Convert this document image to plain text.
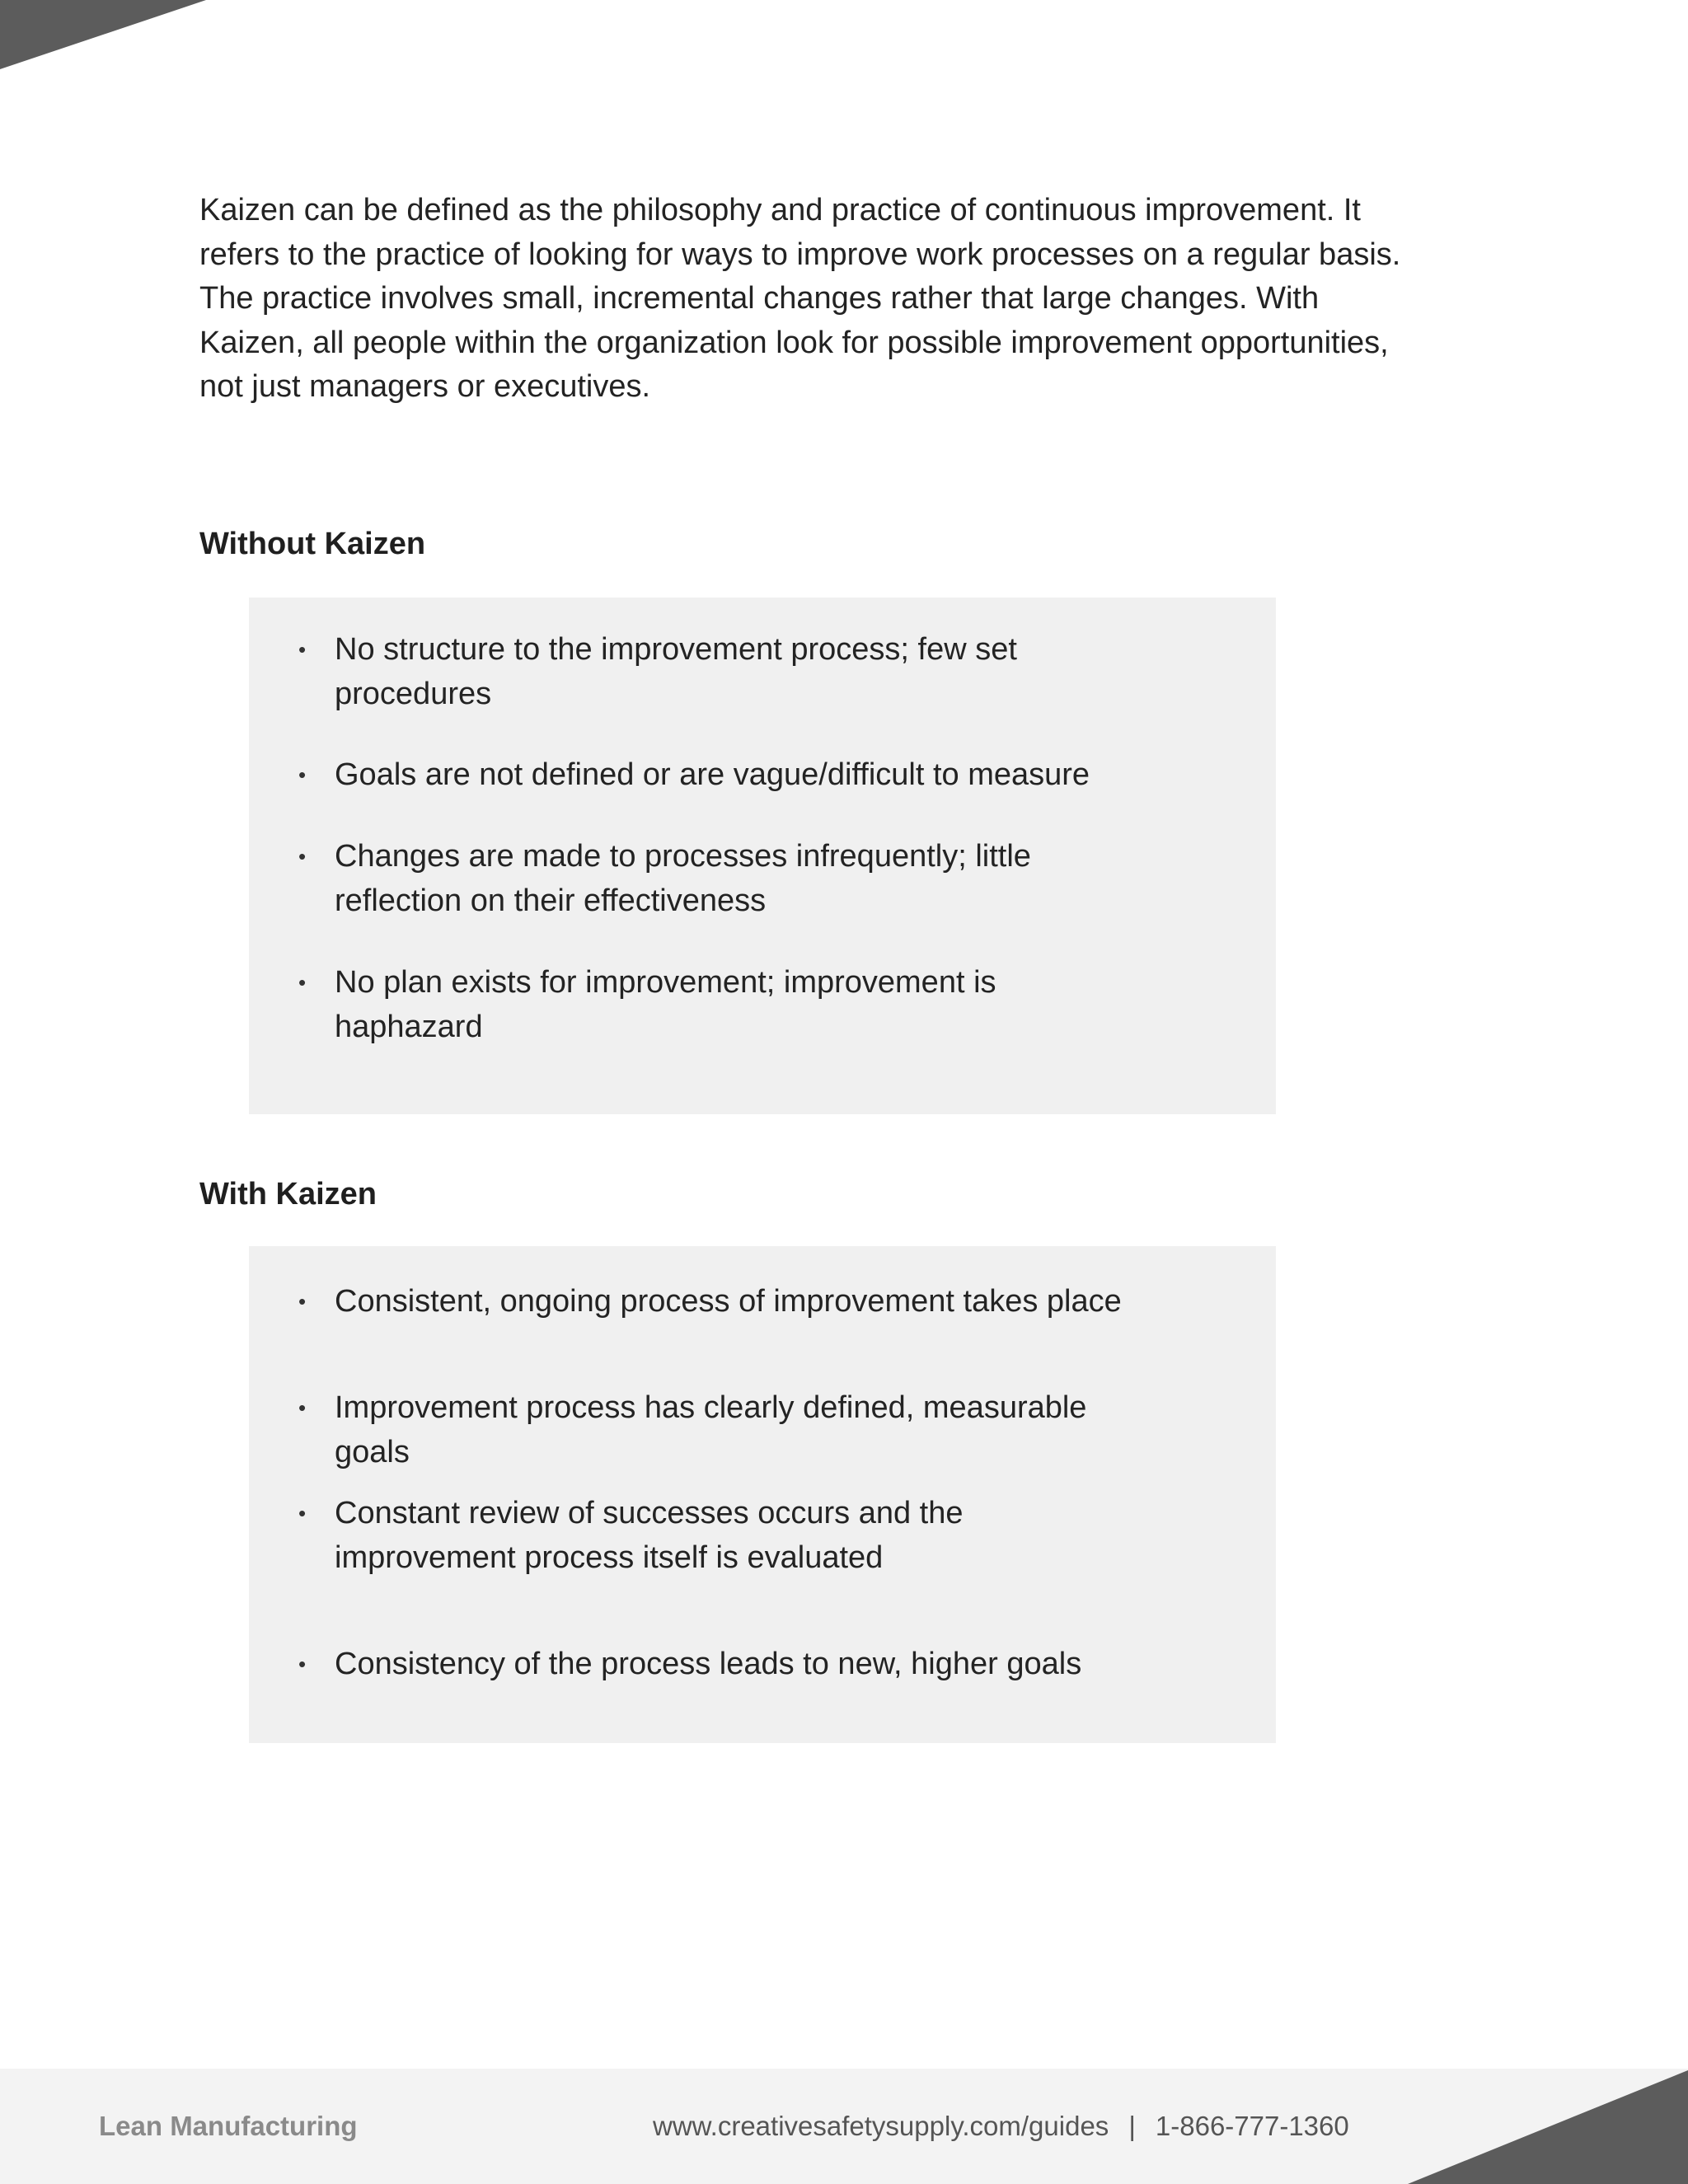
Kaizen can be defined as the philosophy and practice of continuous improvement. It refers to the practice of looking for ways to improve work processes on a regular basis. The practice involves small, incremental changes rather that large changes. With Kaizen, all people within the organization look for possible improvement opportunities, not just managers or executives.

Without Kaizen
• No structure to the improvement process; few set procedures
• Goals are not defined or are vague/difficult to measure
• Changes are made to processes infrequently; little reflection on their effectiveness
• No plan exists for improvement; improvement is haphazard
With Kaizen
• Consistent, ongoing process of improvement takes place
• Improvement process has clearly defined, measurable goals
• Constant review of successes occurs and the improvement process itself is evaluated
• Consistency of the process leads to new, higher goals
Lean Manufacturing	www.creativesafetysupply.com/guides | 1-866-777-1360
